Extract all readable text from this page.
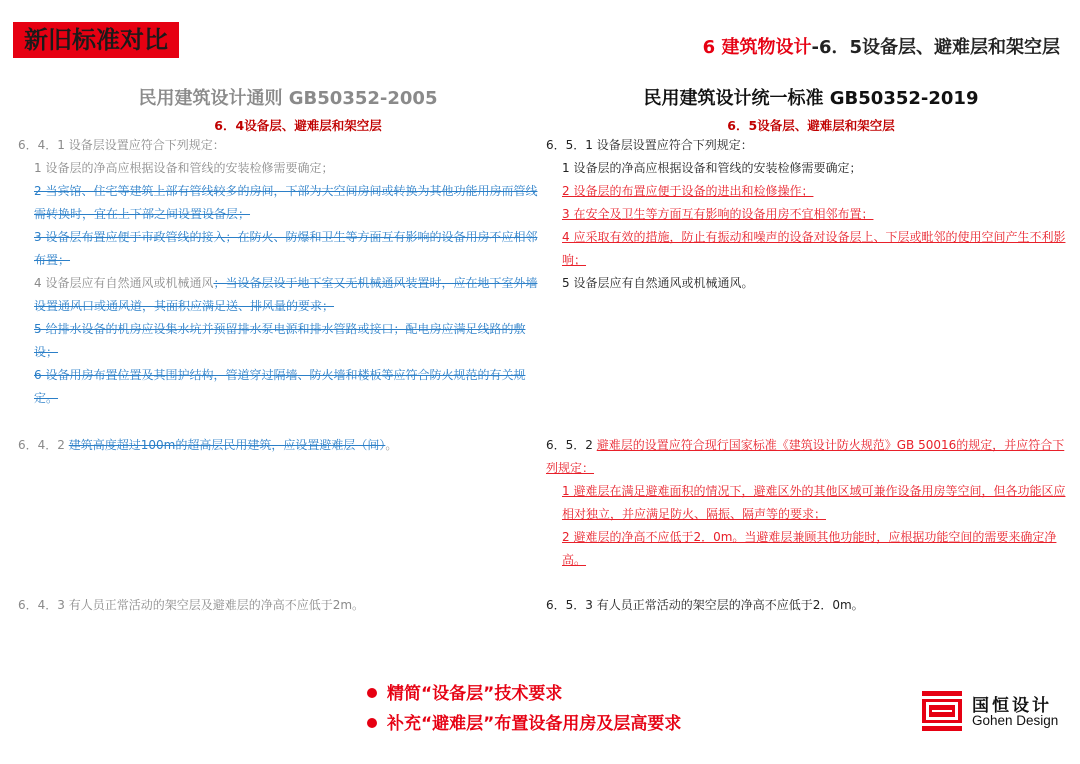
新旧标准对比	6 建筑物设计-6．5设备层、避难层和架空层
民用建筑设计通则 GB50352-2005
6．4设备层、避难层和架空层

6．4．1 设备层设置应符合下列规定：

1 设备层的净高应根据设备和管线的安装检修需要确定；

2 当宾馆、住宅等建筑上部有管线较多的房间，下部为大空间房间或转换为其他功能用房而管线需转换时，宜在上下部之间设置设备层；

3 设备层布置应便于市政管线的接入；在防火、防爆和卫生等方面互有影响的设备用房不应相邻布置；

4 设备层应有自然通风或机械通风；当设备层设于地下室又无机械通风装置时，应在地下室外墙设置通风口或通风道，其面积应满足送、排风量的要求；

5 给排水设备的机房应设集水坑并预留排水泵电源和排水管路或接口；配电房应满足线路的敷设；

6 设备用房布置位置及其围护结构，管道穿过隔墙、防火墙和楼板等应符合防火规范的有关规定。

6．4．2 建筑高度超过100m的超高层民用建筑，应设置避难层（间）。

6．4．3 有人员正常活动的架空层及避难层的净高不应低于2m。

民用建筑设计统一标准 GB50352-2019
6．5设备层、避难层和架空层

6．5．1 设备层设置应符合下列规定：

1 设备层的净高应根据设备和管线的安装检修需要确定；

2 设备层的布置应便于设备的进出和检修操作；

3 在安全及卫生等方面互有影响的设备用房不宜相邻布置；

4 应采取有效的措施，防止有振动和噪声的设备对设备层上、下层或毗邻的使用空间产生不利影响；

5 设备层应有自然通风或机械通风。

6．5．2 避难层的设置应符合现行国家标准《建筑设计防火规范》GB 50016的规定，并应符合下列规定：

1 避难层在满足避难面积的情况下，避难区外的其他区域可兼作设备用房等空间，但各功能区应相对独立，并应满足防火、隔振、隔声等的要求；

2 避难层的净高不应低于2．0m。当避难层兼顾其他功能时，应根据功能空间的需要来确定净高。

6．5．3 有人员正常活动的架空层的净高不应低于2．0m。

精简“设备层”技术要求
补充“避难层”布置设备用房及层高要求
国恒设计
Gohen Design
